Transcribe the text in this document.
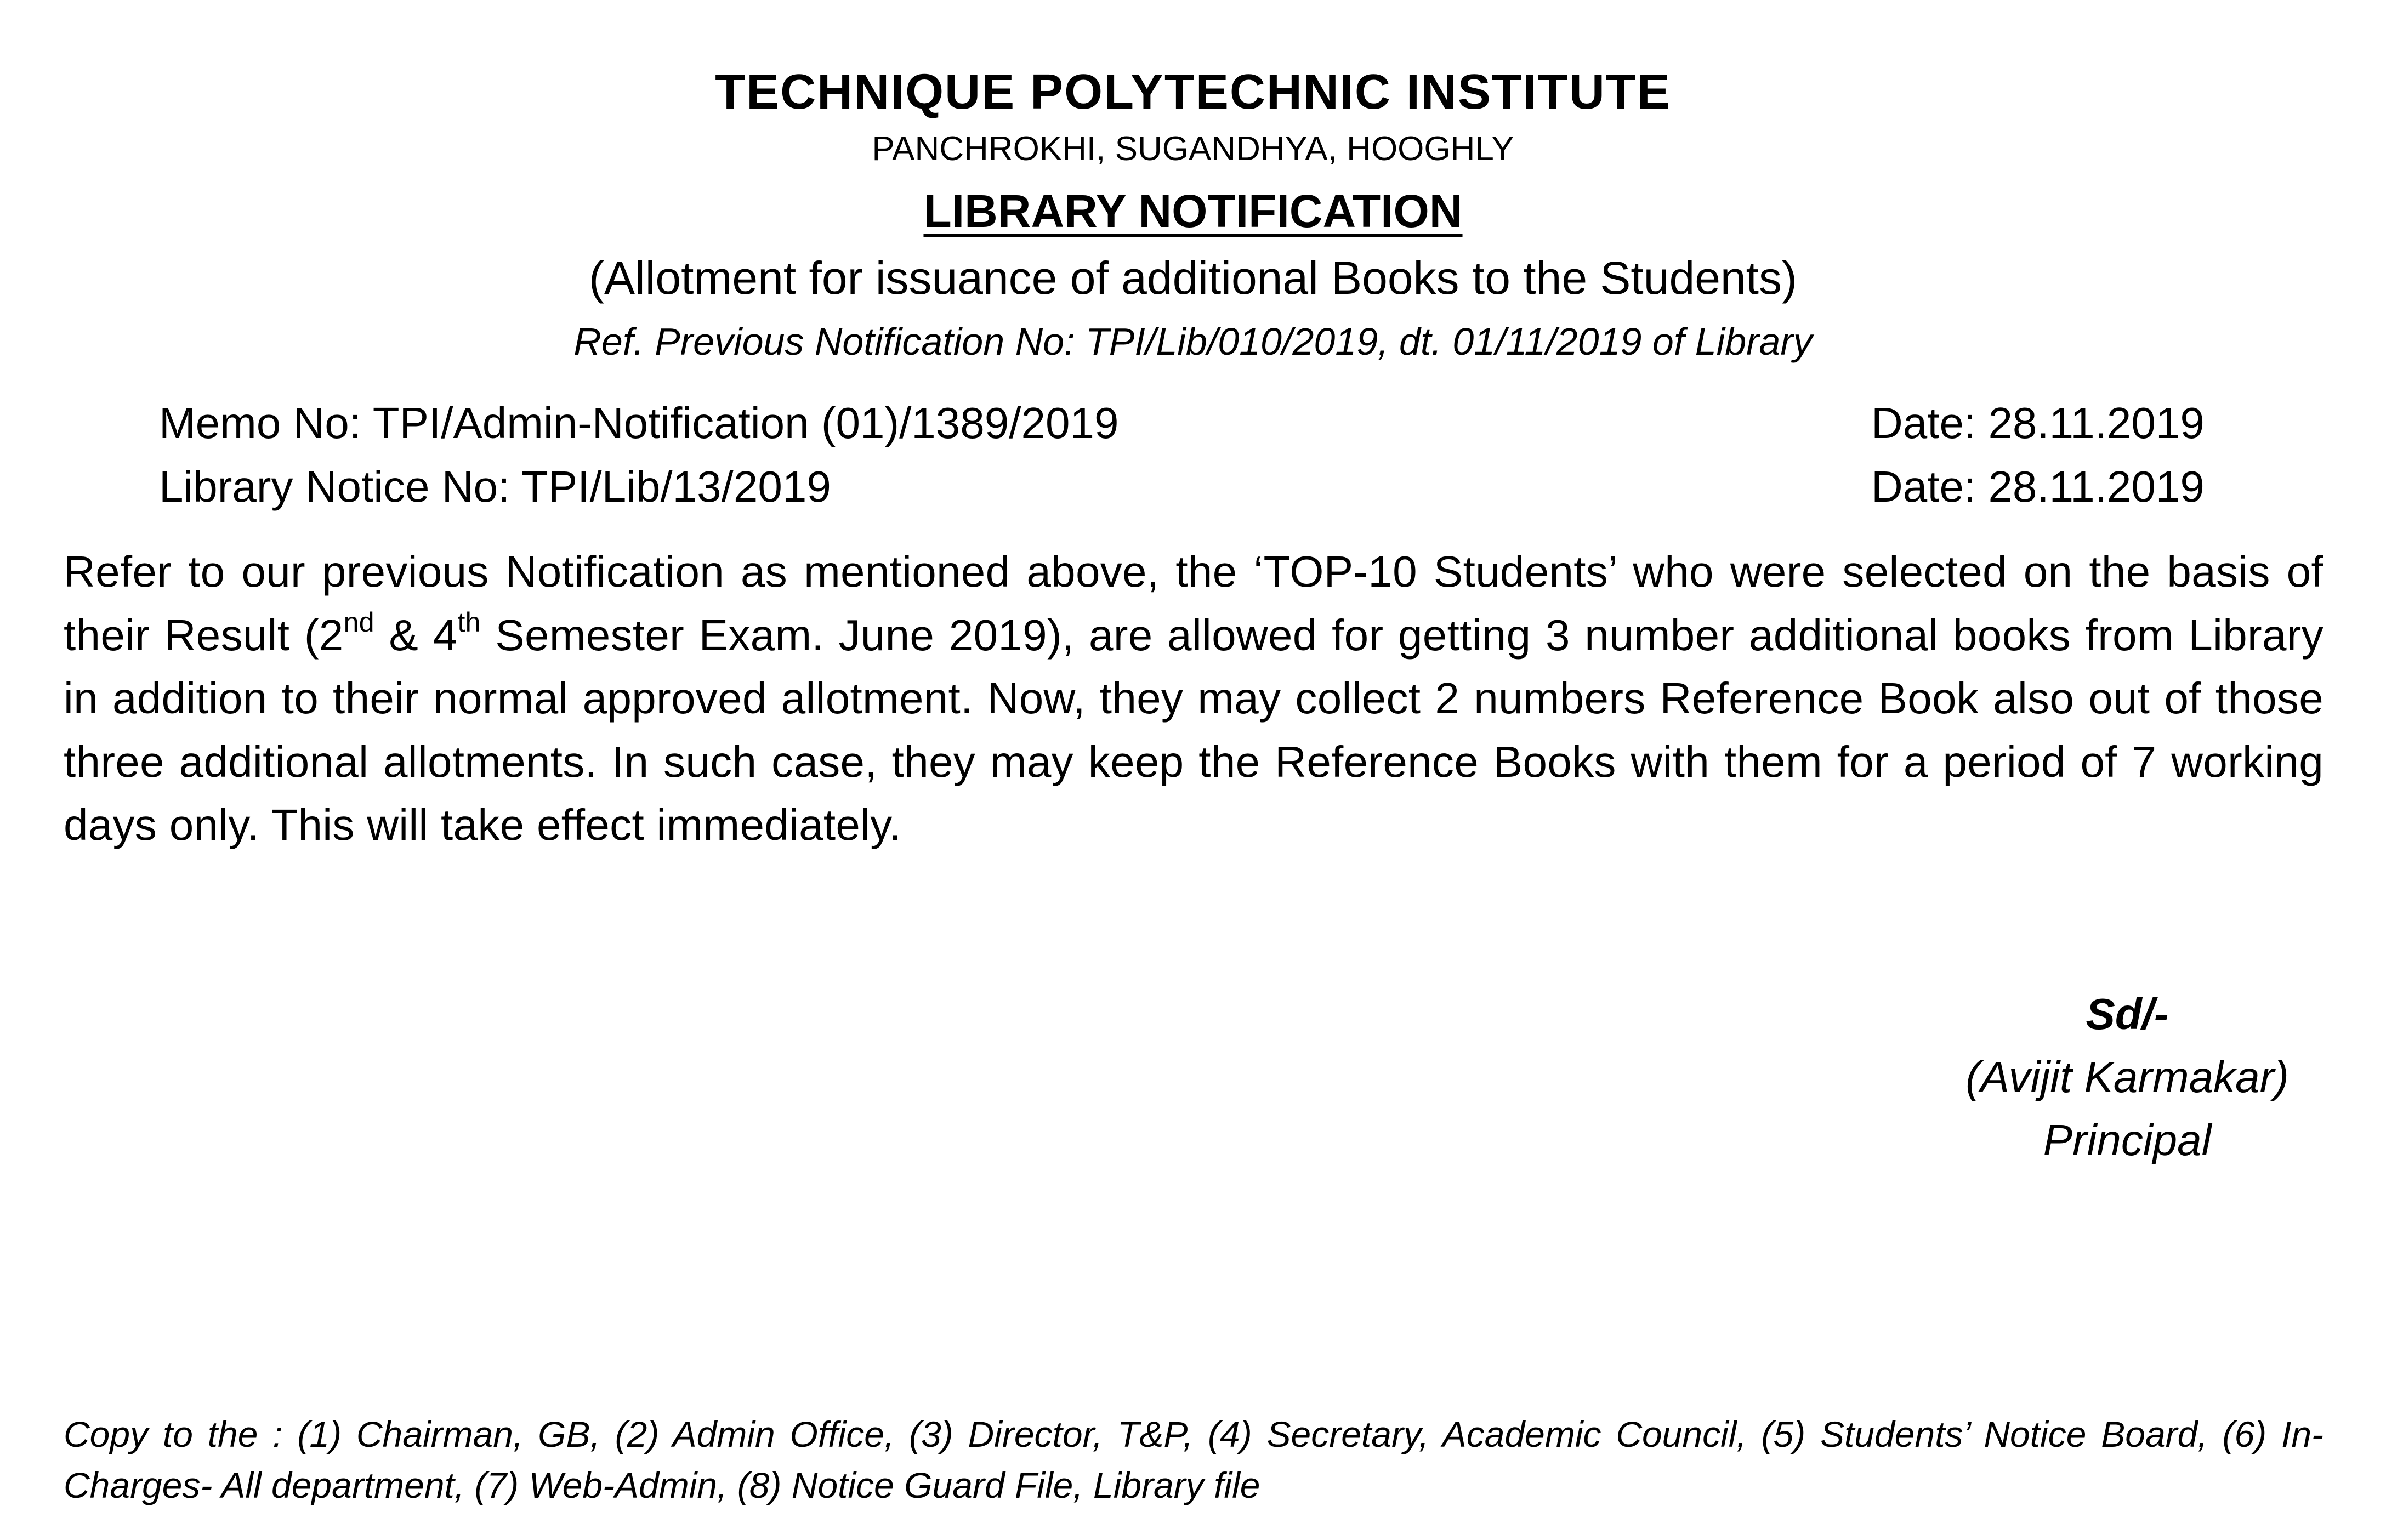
TECHNIQUE POLYTECHNIC INSTITUTE
PANCHROKHI, SUGANDHYA, HOOGHLY
LIBRARY NOTIFICATION
(Allotment for issuance of additional Books to the Students)
Ref. Previous Notification No: TPI/Lib/010/2019, dt. 01/11/2019 of Library
Memo No: TPI/Admin-Notification (01)/1389/2019	Date: 28.11.2019
Library Notice No: TPI/Lib/13/2019	Date: 28.11.2019
Refer to our previous Notification as mentioned above, the ‘TOP-10 Students’ who were selected on the basis of their Result (2nd & 4th Semester Exam. June 2019), are allowed for getting 3 number additional books from Library in addition to their normal approved allotment. Now, they may collect 2 numbers Reference Book also out of those three additional allotments. In such case, they may keep the Reference Books with them for a period of 7 working days only. This will take effect immediately.
Sd/-
(Avijit Karmakar)
Principal
Copy to the : (1) Chairman, GB, (2) Admin Office, (3) Director, T&P, (4) Secretary, Academic Council, (5) Students’ Notice Board, (6) In-Charges- All department, (7) Web-Admin, (8) Notice Guard File, Library file
